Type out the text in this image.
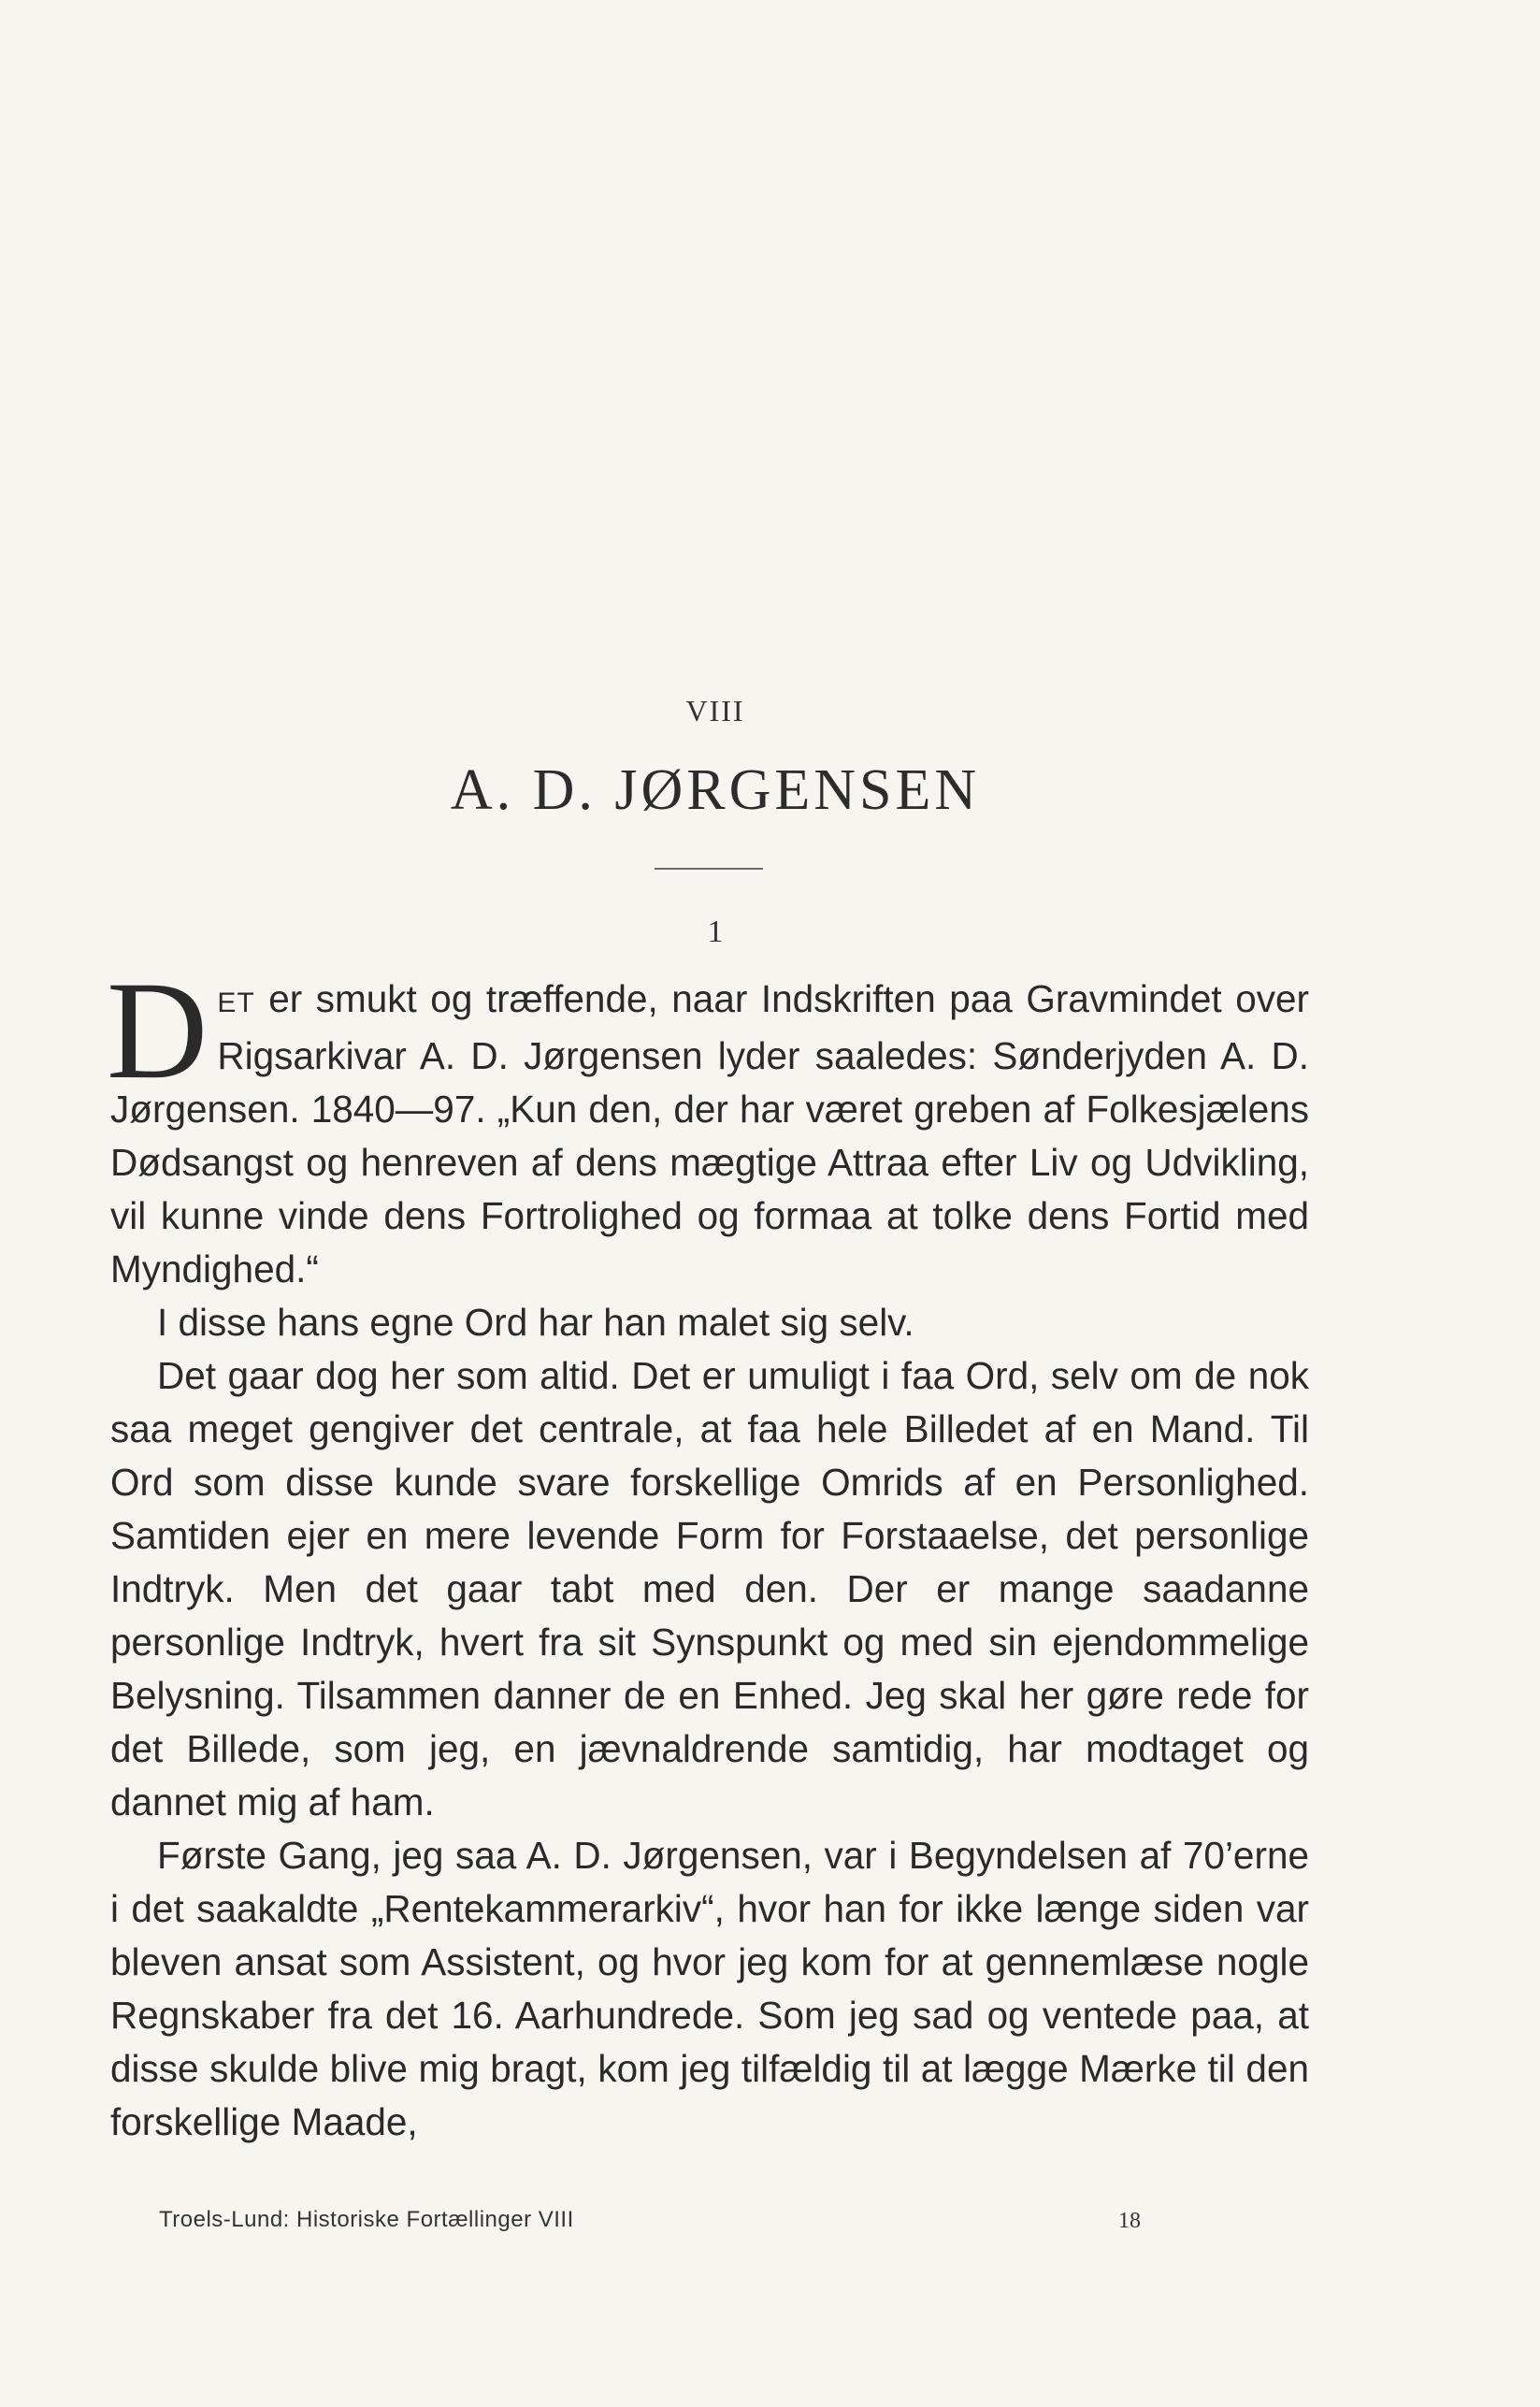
VIII
A. D. JØRGENSEN
1

DET er smukt og træffende, naar Indskriften paa Gravmindet over Rigsarkivar A. D. Jørgensen lyder saaledes: Sønderjyden A. D. Jørgensen. 1840—97. „Kun den, der har været greben af Folkesjælens Dødsangst og henreven af dens mægtige Attraa efter Liv og Udvikling, vil kunne vinde dens Fortrolighed og formaa at tolke dens Fortid med Myndighed.“

I disse hans egne Ord har han malet sig selv.

Det gaar dog her som altid. Det er umuligt i faa Ord, selv om de nok saa meget gengiver det centrale, at faa hele Billedet af en Mand. Til Ord som disse kunde svare forskellige Omrids af en Personlighed. Samtiden ejer en mere levende Form for Forstaaelse, det personlige Indtryk. Men det gaar tabt med den. Der er mange saadanne personlige Indtryk, hvert fra sit Synspunkt og med sin ejendommelige Belysning. Tilsammen danner de en Enhed. Jeg skal her gøre rede for det Billede, som jeg, en jævnaldrende samtidig, har modtaget og dannet mig af ham.

Første Gang, jeg saa A. D. Jørgensen, var i Begyndelsen af 70’erne i det saakaldte „Rentekammerarkiv“, hvor han for ikke længe siden var bleven ansat som Assistent, og hvor jeg kom for at gennemlæse nogle Regnskaber fra det 16. Aarhundrede. Som jeg sad og ventede paa, at disse skulde blive mig bragt, kom jeg tilfældig til at lægge Mærke til den forskellige Maade,

Troels-Lund: Historiske Fortællinger VIII	18
